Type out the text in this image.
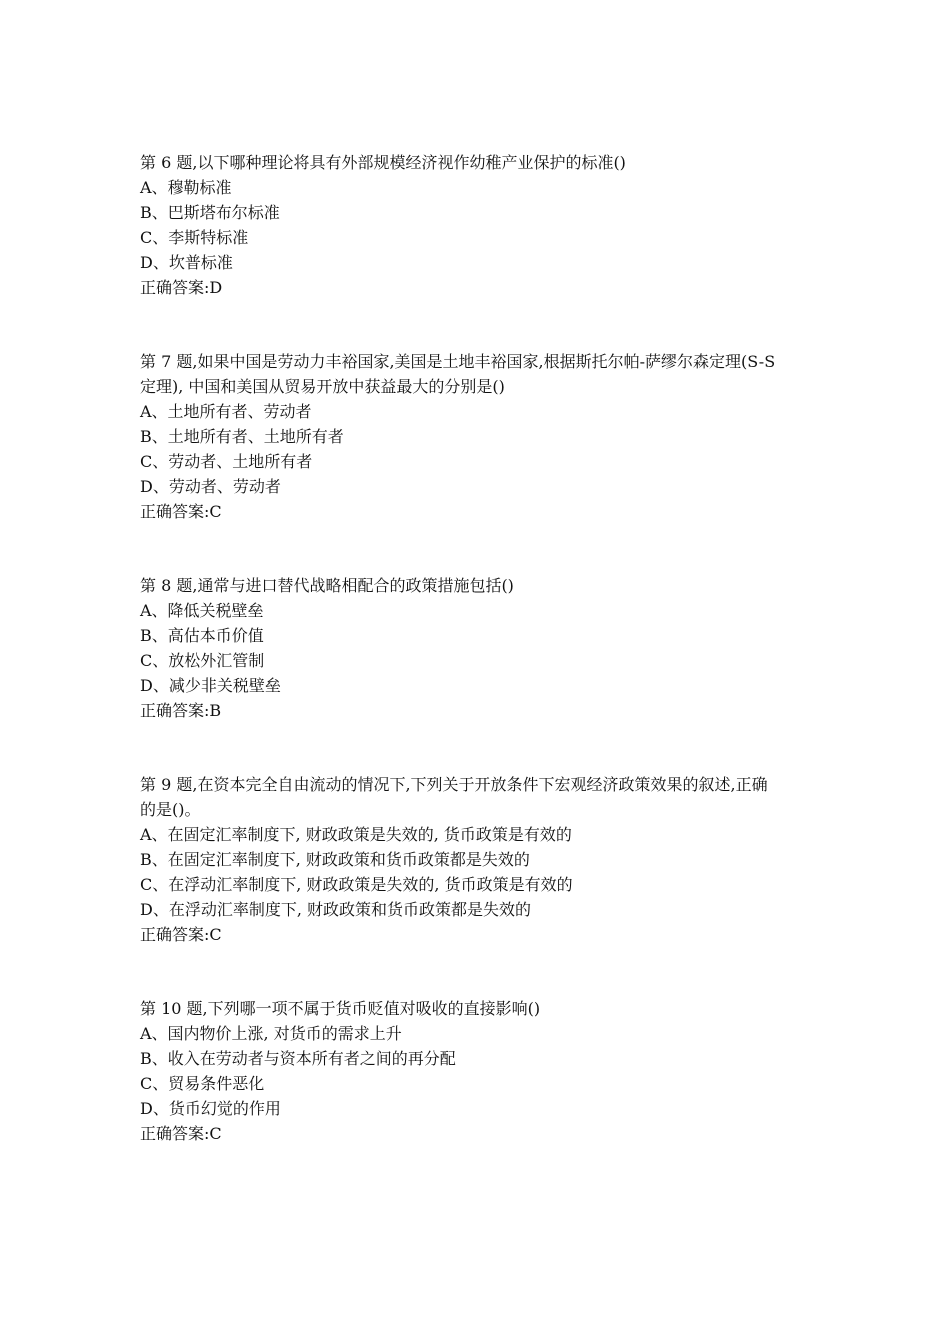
第 6 题,以下哪种理论将具有外部规模经济视作幼稚产业保护的标准()

A、穆勒标准

B、巴斯塔布尔标准

C、李斯特标准

D、坎普标准

正确答案:D

第 7 题,如果中国是劳动力丰裕国家,美国是土地丰裕国家,根据斯托尔帕-萨缪尔森定理(S-S

定理), 中国和美国从贸易开放中获益最大的分别是()

A、土地所有者、劳动者

B、土地所有者、土地所有者

C、劳动者、土地所有者

D、劳动者、劳动者

正确答案:C

第 8 题,通常与进口替代战略相配合的政策措施包括()

A、降低关税壁垒

B、高估本币价值

C、放松外汇管制

D、减少非关税壁垒

正确答案:B

第 9 题,在资本完全自由流动的情况下,下列关于开放条件下宏观经济政策效果的叙述,正确

的是()。

A、在固定汇率制度下, 财政政策是失效的, 货币政策是有效的

B、在固定汇率制度下, 财政政策和货币政策都是失效的

C、在浮动汇率制度下, 财政政策是失效的, 货币政策是有效的

D、在浮动汇率制度下, 财政政策和货币政策都是失效的

正确答案:C

第 10 题,下列哪一项不属于货币贬值对吸收的直接影响()

A、国内物价上涨, 对货币的需求上升

B、收入在劳动者与资本所有者之间的再分配

C、贸易条件恶化

D、货币幻觉的作用

正确答案:C
